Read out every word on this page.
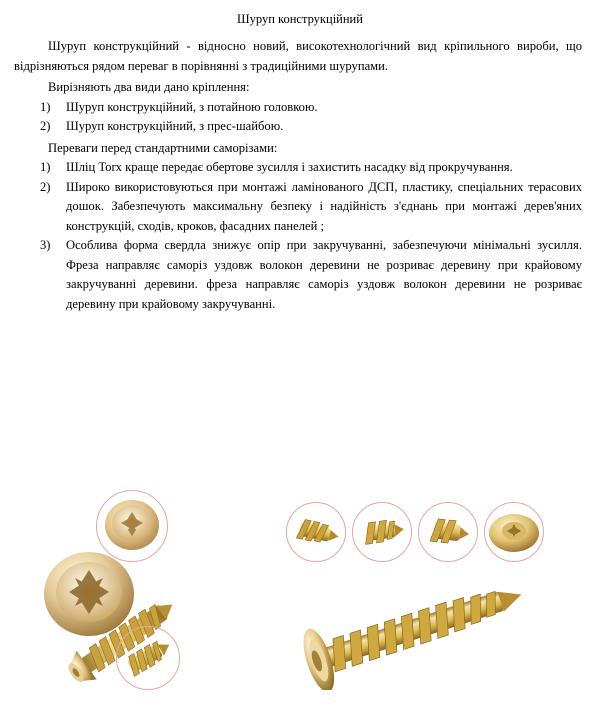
Шуруп конструкційний

Шуруп конструкційний - відносно новий, високотехнологічний вид кріпильного вироби, що відрізняються рядом переваг в порівнянні з традиційними шурупами.

Вирізняють два види дано кріплення:

1)	Шуруп конструкційний, з потайною головкою.
2)	Шуруп конструкційний, з прес-шайбою.

Переваги перед стандартними саморізами:

1)	Шліц Torx краще передає обертове зусилля і захистить насадку від прокручування.
2)	Широко використовуються при монтажі ламінованого ДСП, пластику, спеціальних терасових дошок. Забезпечують максимальну безпеку і надійність з'єднань при монтажі дерев'яних конструкцій, сходів, кроков, фасадних панелей ;
3)	Особлива форма свердла знижує опір при закручуванні, забезпечуючи мінімальні зусилля. Фреза направляє саморіз уздовж волокон деревини не розриває деревину при крайовому закручуванні деревини. фреза направляє саморіз уздовж волокон деревини не розриває деревину при крайовому закручуванні.
